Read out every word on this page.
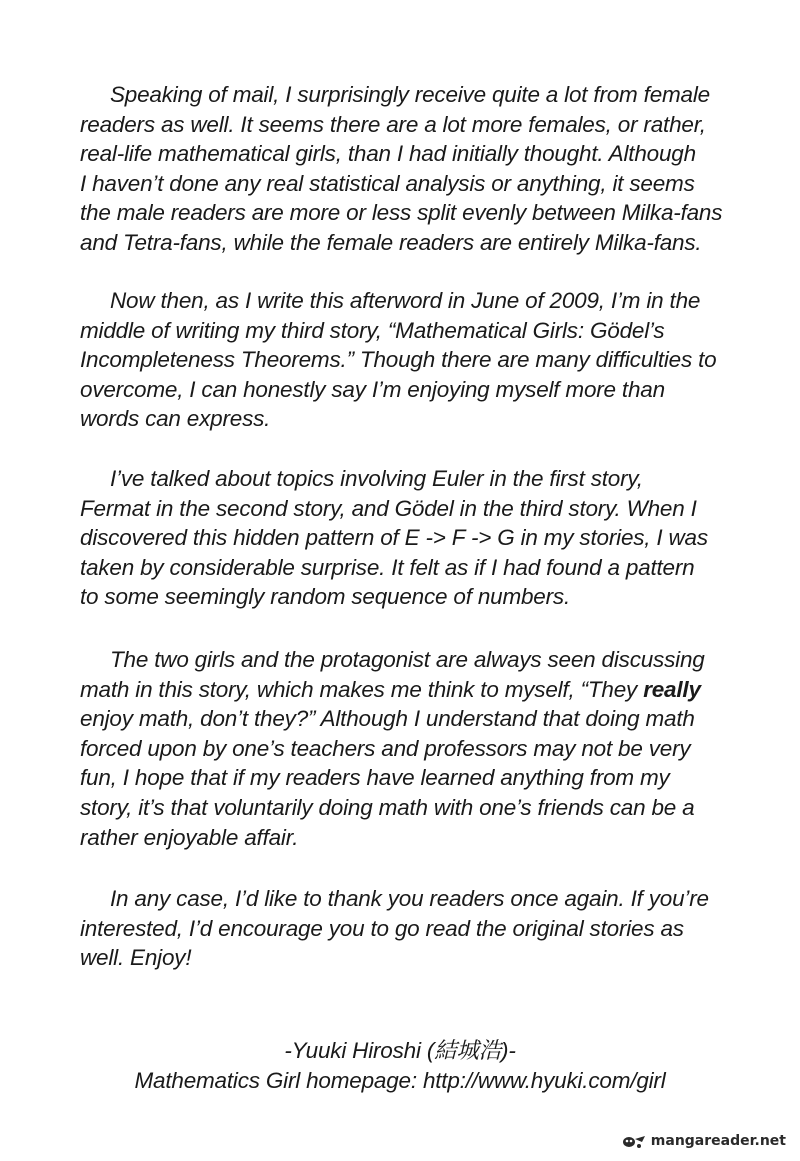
Speaking of mail, I surprisingly receive quite a lot from female
readers as well. It seems there are a lot more females, or rather,
real-life mathematical girls, than I had initially thought. Although
I haven’t done any real statistical analysis or anything, it seems
the male readers are more or less split evenly between Milka-fans
and Tetra-fans, while the female readers are entirely Milka-fans.

Now then, as I write this afterword in June of 2009, I’m in the
middle of writing my third story, “Mathematical Girls: Gödel’s
Incompleteness Theorems.” Though there are many difficulties to
overcome, I can honestly say I’m enjoying myself more than
words can express.

I’ve talked about topics involving Euler in the first story,
Fermat in the second story, and Gödel in the third story. When I
discovered this hidden pattern of E -> F -> G in my stories, I was
taken by considerable surprise. It felt as if I had found a pattern
to some seemingly random sequence of numbers.

The two girls and the protagonist are always seen discussing
math in this story, which makes me think to myself, “They really
enjoy math, don’t they?” Although I understand that doing math
forced upon by one’s teachers and professors may not be very
fun, I hope that if my readers have learned anything from my
story, it’s that voluntarily doing math with one’s friends can be a
rather enjoyable affair.

In any case, I’d like to thank you readers once again. If you’re
interested, I’d encourage you to go read the original stories as
well. Enjoy!

-Yuuki Hiroshi (結城浩)-
Mathematics Girl homepage: http://www.hyuki.com/girl
mangareader.net
